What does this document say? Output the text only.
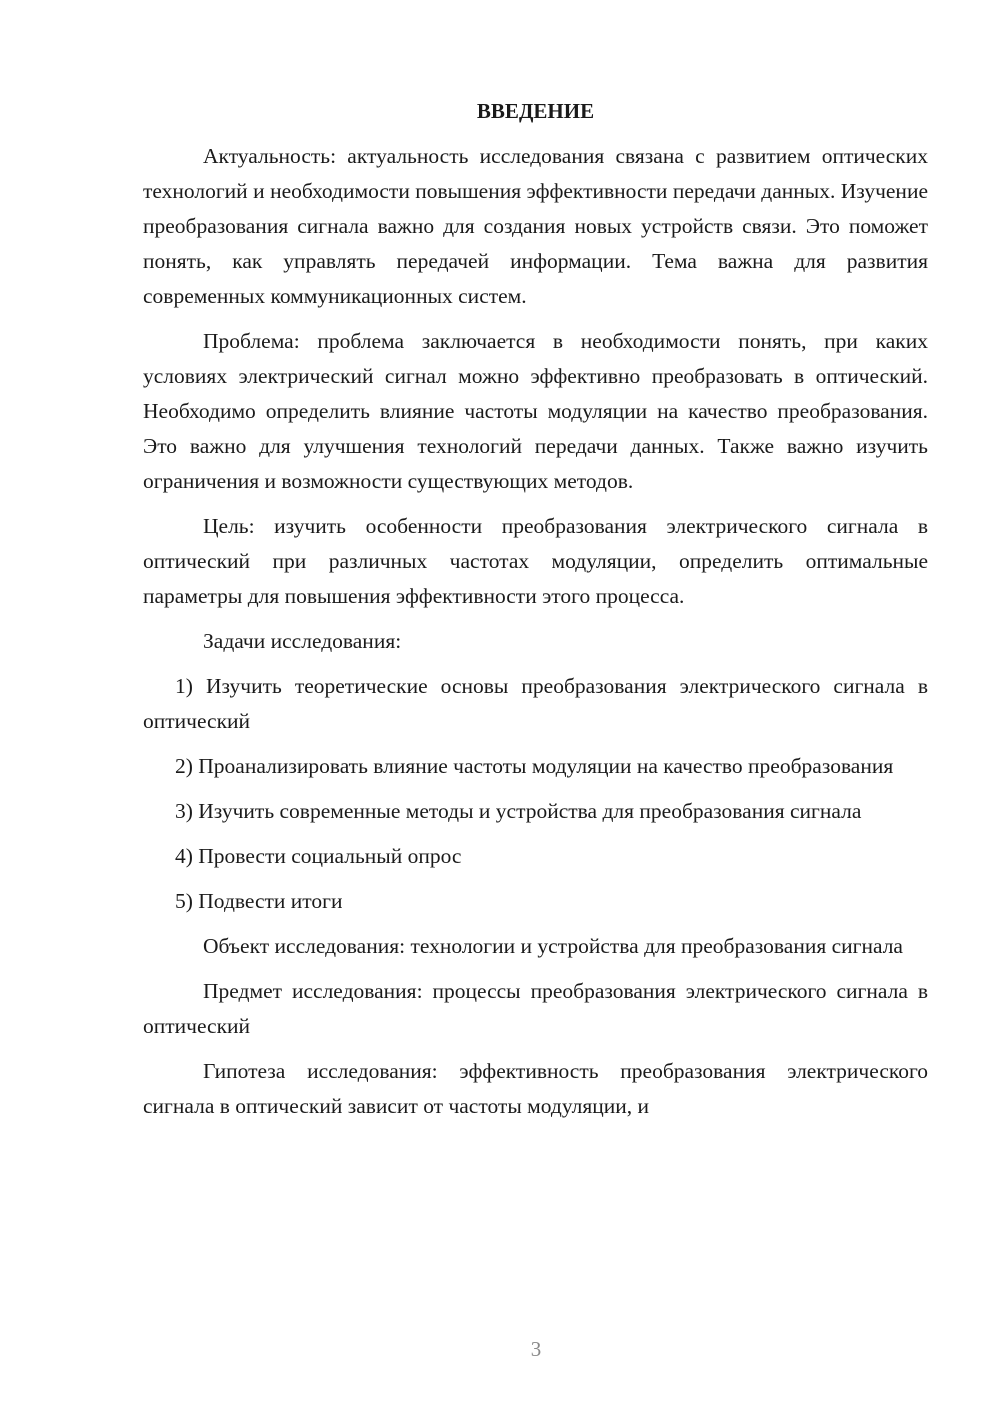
ВВЕДЕНИЕ

Актуальность: актуальность исследования связана с развитием оптических технологий и необходимости повышения эффективности передачи данных. Изучение преобразования сигнала важно для создания новых устройств связи. Это поможет понять, как управлять передачей информации. Тема важна для развития современных коммуникационных систем.

Проблема: проблема заключается в необходимости понять, при каких условиях электрический сигнал можно эффективно преобразовать в оптический. Необходимо определить влияние частоты модуляции на качество преобразования. Это важно для улучшения технологий передачи данных. Также важно изучить ограничения и возможности существующих методов.

Цель: изучить особенности преобразования электрического сигнала в оптический при различных частотах модуляции, определить оптимальные параметры для повышения эффективности этого процесса.

Задачи исследования:

1) Изучить теоретические основы преобразования электрического сигнала в оптический

2) Проанализировать влияние частоты модуляции на качество преобразования

3) Изучить современные методы и устройства для преобразования сигнала

4) Провести социальный опрос

5) Подвести итоги

Объект исследования: технологии и устройства для преобразования сигнала

Предмет исследования: процессы преобразования электрического сигнала в оптический

Гипотеза исследования: эффективность преобразования электрического сигнала в оптический зависит от частоты модуляции, и

3
